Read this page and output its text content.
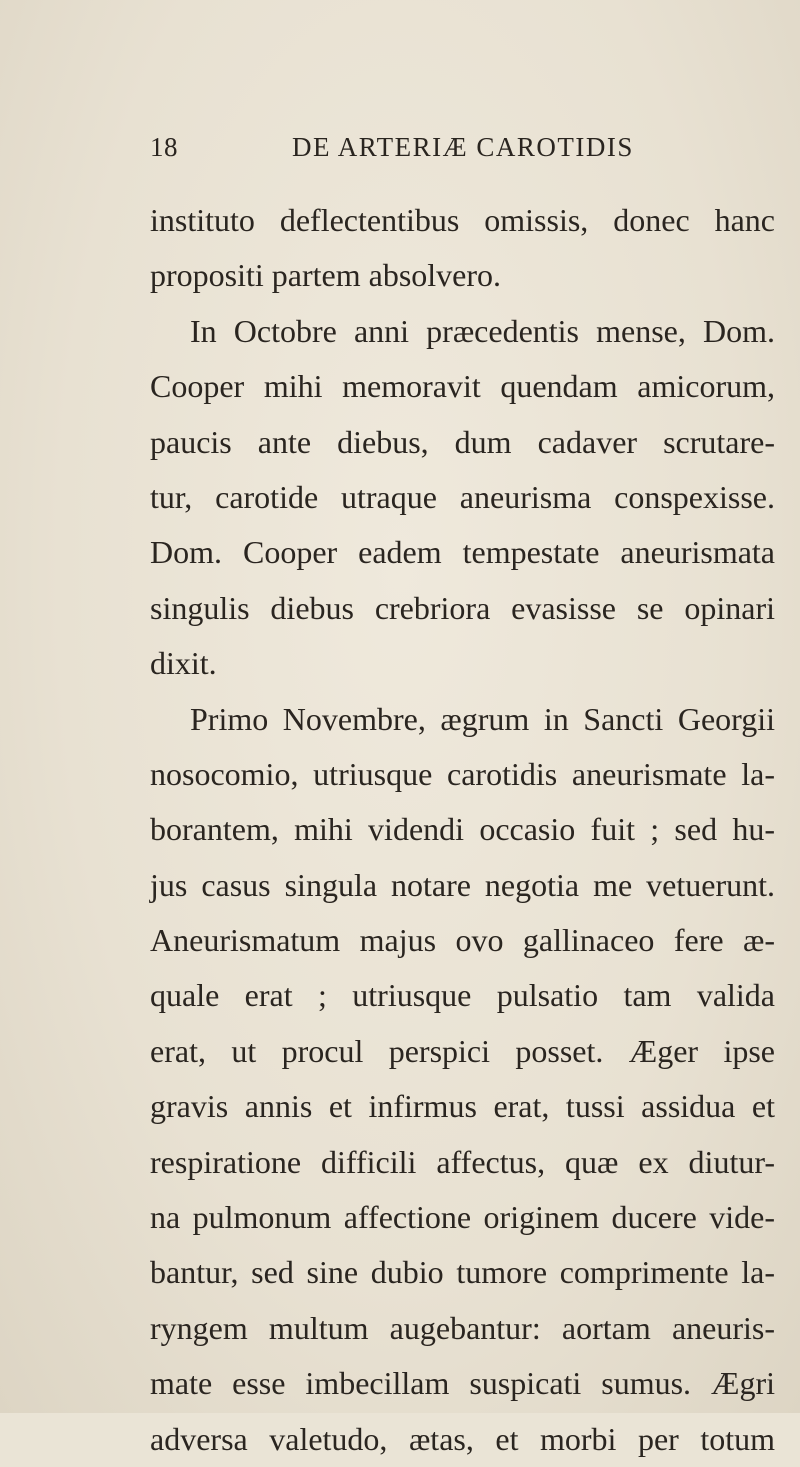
18	DE ARTERIÆ CAROTIDIS
instituto deflectentibus omissis, donec hanc
propositi partem absolvero.
In Octobre anni præcedentis mense, Dom.
Cooper mihi memoravit quendam amicorum,
paucis ante diebus, dum cadaver scrutare-
tur, carotide utraque aneurisma conspexisse.
Dom. Cooper eadem tempestate aneurismata
singulis diebus crebriora evasisse se opinari
dixit.
Primo Novembre, ægrum in Sancti Georgii
nosocomio, utriusque carotidis aneurismate la-
borantem, mihi videndi occasio fuit ; sed hu-
jus casus singula notare negotia me vetuerunt.
Aneurismatum majus ovo gallinaceo fere æ-
quale erat ; utriusque pulsatio tam valida
erat, ut procul perspici posset. Æger ipse
gravis annis et infirmus erat, tussi assidua et
respiratione difficili affectus, quæ ex diutur-
na pulmonum affectione originem ducere vide-
bantur, sed sine dubio tumore comprimente la-
ryngem multum augebantur: aortam aneuris-
mate esse imbecillam suspicati sumus. Ægri
adversa valetudo, ætas, et morbi per totum
